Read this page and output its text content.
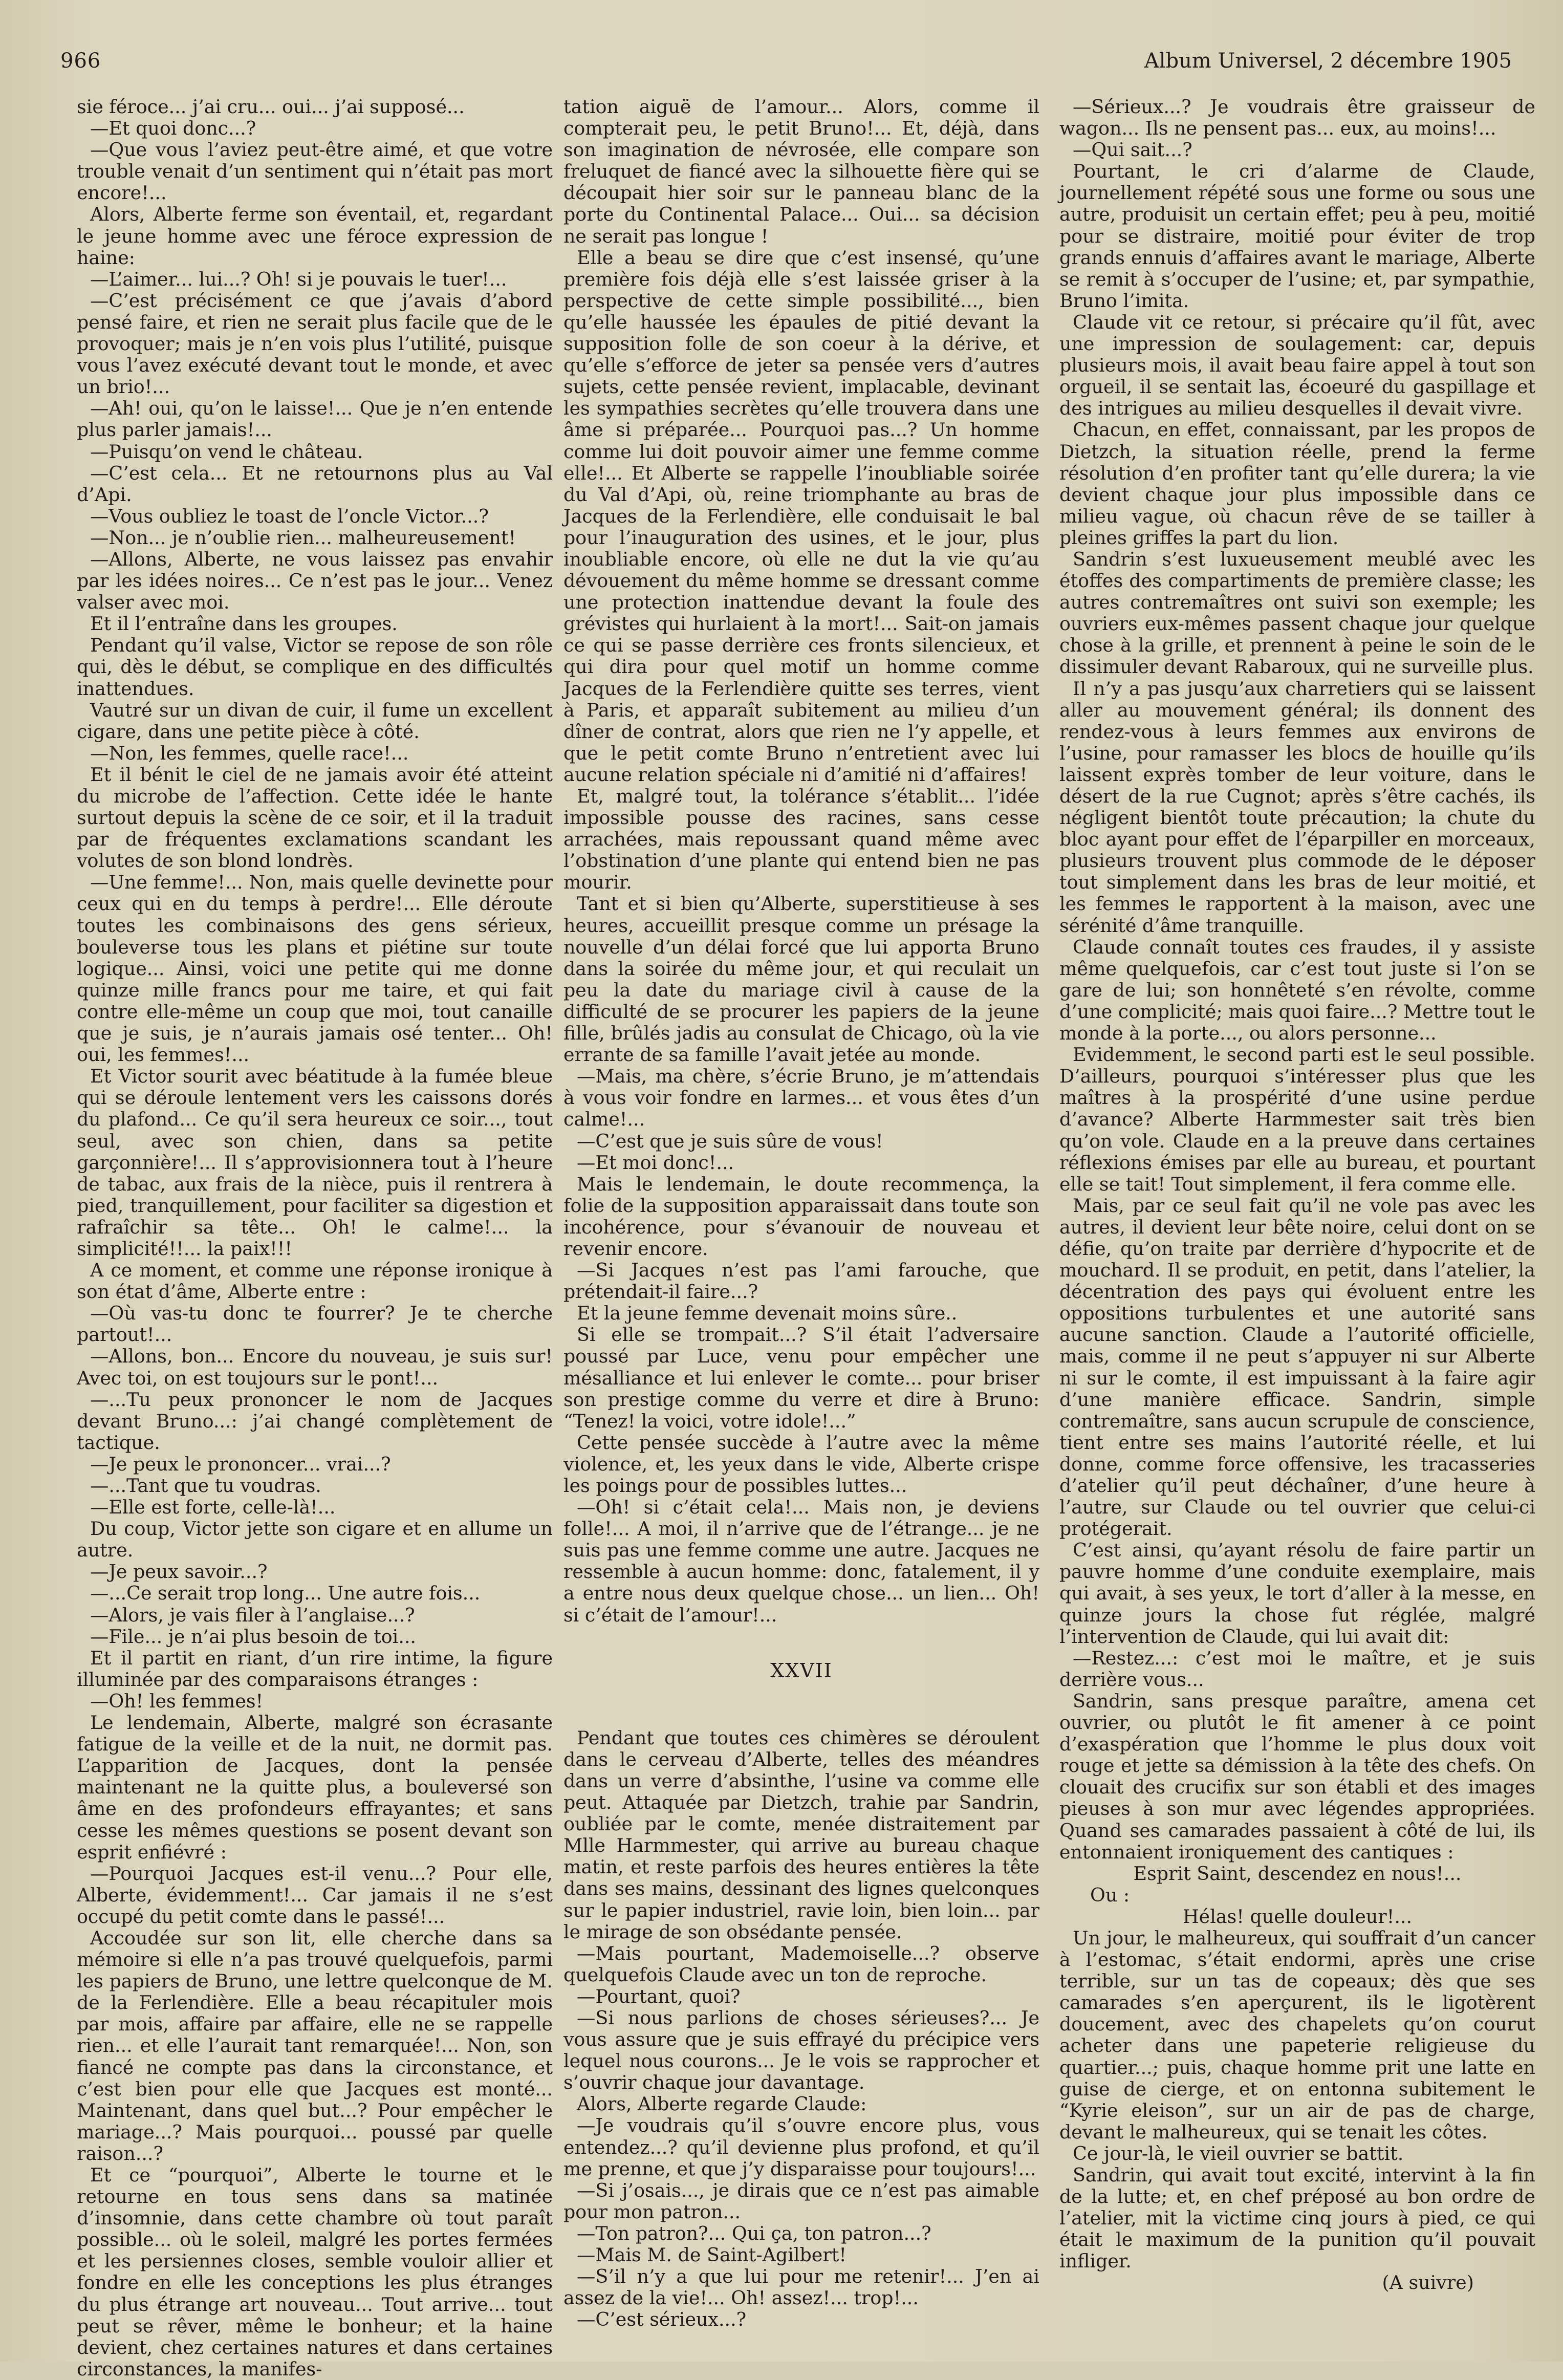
966	Album Universel, 2 décembre 1905

sie féroce... j’ai cru... oui... j’ai supposé...

—Et quoi donc...?

—Que vous l’aviez peut-être aimé, et que votre trouble venait d’un sentiment qui n’était pas mort encore!...

Alors, Alberte ferme son éventail, et, regardant le jeune homme avec une féroce expression de haine:

—L’aimer... lui...? Oh! si je pouvais le tuer!...

—C’est précisément ce que j’avais d’abord pensé faire, et rien ne serait plus facile que de le provoquer; mais je n’en vois plus l’utilité, puisque vous l’avez exécuté devant tout le monde, et avec un brio!...

—Ah! oui, qu’on le laisse!... Que je n’en entende plus parler jamais!...

—Puisqu’on vend le château.

—C’est cela... Et ne retournons plus au Val d’Api.

—Vous oubliez le toast de l’oncle Victor...?

—Non... je n’oublie rien... malheureusement!

—Allons, Alberte, ne vous laissez pas envahir par les idées noires... Ce n’est pas le jour... Venez valser avec moi.

Et il l’entraîne dans les groupes.

Pendant qu’il valse, Victor se repose de son rôle qui, dès le début, se complique en des difficultés inattendues.

Vautré sur un divan de cuir, il fume un excellent cigare, dans une petite pièce à côté.

—Non, les femmes, quelle race!...

Et il bénit le ciel de ne jamais avoir été atteint du microbe de l’affection. Cette idée le hante surtout depuis la scène de ce soir, et il la traduit par de fréquentes exclamations scandant les volutes de son blond londrès.

—Une femme!... Non, mais quelle devinette pour ceux qui en du temps à perdre!... Elle déroute toutes les combinaisons des gens sérieux, bouleverse tous les plans et piétine sur toute logique... Ainsi, voici une petite qui me donne quinze mille francs pour me taire, et qui fait contre elle-même un coup que moi, tout canaille que je suis, je n’aurais jamais osé tenter... Oh! oui, les femmes!...

Et Victor sourit avec béatitude à la fumée bleue qui se déroule lentement vers les caissons dorés du plafond... Ce qu’il sera heureux ce soir..., tout seul, avec son chien, dans sa petite garçonnière!... Il s’approvisionnera tout à l’heure de tabac, aux frais de la nièce, puis il rentrera à pied, tranquillement, pour faciliter sa digestion et rafraîchir sa tête... Oh! le calme!... la simplicité!!... la paix!!!

A ce moment, et comme une réponse ironique à son état d’âme, Alberte entre :

—Où vas-tu donc te fourrer? Je te cherche partout!...

—Allons, bon... Encore du nouveau, je suis sur! Avec toi, on est toujours sur le pont!...

—...Tu peux prononcer le nom de Jacques devant Bruno...: j’ai changé complètement de tactique.

—Je peux le prononcer... vrai...?

—...Tant que tu voudras.

—Elle est forte, celle-là!...

Du coup, Victor jette son cigare et en allume un autre.

—Je peux savoir...?

—...Ce serait trop long... Une autre fois...

—Alors, je vais filer à l’anglaise...?

—File... je n’ai plus besoin de toi...

Et il partit en riant, d’un rire intime, la figure illuminée par des comparaisons étranges :

—Oh! les femmes!

Le lendemain, Alberte, malgré son écrasante fatigue de la veille et de la nuit, ne dormit pas. L’apparition de Jacques, dont la pensée maintenant ne la quitte plus, a bouleversé son âme en des profondeurs effrayantes; et sans cesse les mêmes questions se posent devant son esprit enfiévré :

—Pourquoi Jacques est-il venu...? Pour elle, Alberte, évidemment!... Car jamais il ne s’est occupé du petit comte dans le passé!...

Accoudée sur son lit, elle cherche dans sa mémoire si elle n’a pas trouvé quelquefois, parmi les papiers de Bruno, une lettre quelconque de M. de la Ferlendière. Elle a beau récapituler mois par mois, affaire par affaire, elle ne se rappelle rien... et elle l’aurait tant remarquée!... Non, son fiancé ne compte pas dans la circonstance, et c’est bien pour elle que Jacques est monté... Maintenant, dans quel but...? Pour empêcher le mariage...? Mais pourquoi... poussé par quelle raison...?

Et ce “pourquoi”, Alberte le tourne et le retourne en tous sens dans sa matinée d’insomnie, dans cette chambre où tout paraît possible... où le soleil, malgré les portes fermées et les persiennes closes, semble vouloir allier et fondre en elle les conceptions les plus étranges du plus étrange art nouveau... Tout arrive... tout peut se rêver, même le bonheur; et la haine devient, chez certaines natures et dans certaines circonstances, la manifes-

tation aiguë de l’amour... Alors, comme il compterait peu, le petit Bruno!... Et, déjà, dans son imagination de névrosée, elle compare son freluquet de fiancé avec la silhouette fière qui se découpait hier soir sur le panneau blanc de la porte du Continental Palace... Oui... sa décision ne serait pas longue !

Elle a beau se dire que c’est insensé, qu’une première fois déjà elle s’est laissée griser à la perspective de cette simple possibilité..., bien qu’elle haussée les épaules de pitié devant la supposition folle de son coeur à la dérive, et qu’elle s’efforce de jeter sa pensée vers d’autres sujets, cette pensée revient, implacable, devinant les sympathies secrètes qu’elle trouvera dans une âme si préparée... Pourquoi pas...? Un homme comme lui doit pouvoir aimer une femme comme elle!... Et Alberte se rappelle l’inoubliable soirée du Val d’Api, où, reine triomphante au bras de Jacques de la Ferlendière, elle conduisait le bal pour l’inauguration des usines, et le jour, plus inoubliable encore, où elle ne dut la vie qu’au dévouement du même homme se dressant comme une protection inattendue devant la foule des grévistes qui hurlaient à la mort!... Sait-on jamais ce qui se passe derrière ces fronts silencieux, et qui dira pour quel motif un homme comme Jacques de la Ferlendière quitte ses terres, vient à Paris, et apparaît subitement au milieu d’un dîner de contrat, alors que rien ne l’y appelle, et que le petit comte Bruno n’entretient avec lui aucune relation spéciale ni d’amitié ni d’affaires!

Et, malgré tout, la tolérance s’établit... l’idée impossible pousse des racines, sans cesse arrachées, mais repoussant quand même avec l’obstination d’une plante qui entend bien ne pas mourir.

Tant et si bien qu’Alberte, superstitieuse à ses heures, accueillit presque comme un présage la nouvelle d’un délai forcé que lui apporta Bruno dans la soirée du même jour, et qui reculait un peu la date du mariage civil à cause de la difficulté de se procurer les papiers de la jeune fille, brûlés jadis au consulat de Chicago, où la vie errante de sa famille l’avait jetée au monde.

—Mais, ma chère, s’écrie Bruno, je m’attendais à vous voir fondre en larmes... et vous êtes d’un calme!...

—C’est que je suis sûre de vous!

—Et moi donc!...

Mais le lendemain, le doute recommença, la folie de la supposition apparaissait dans toute son incohérence, pour s’évanouir de nouveau et revenir encore.

—Si Jacques n’est pas l’ami farouche, que prétendait-il faire...?

Et la jeune femme devenait moins sûre..

Si elle se trompait...? S’il était l’adversaire poussé par Luce, venu pour empêcher une mésalliance et lui enlever le comte... pour briser son prestige comme du verre et dire à Bruno: “Tenez! la voici, votre idole!...”

Cette pensée succède à l’autre avec la même violence, et, les yeux dans le vide, Alberte crispe les poings pour de possibles luttes...

—Oh! si c’était cela!... Mais non, je deviens folle!... A moi, il n’arrive que de l’étrange... je ne suis pas une femme comme une autre. Jacques ne ressemble à aucun homme: donc, fatalement, il y a entre nous deux quelque chose... un lien... Oh! si c’était de l’amour!...

XXVII

Pendant que toutes ces chimères se déroulent dans le cerveau d’Alberte, telles des méandres dans un verre d’absinthe, l’usine va comme elle peut. Attaquée par Dietzch, trahie par Sandrin, oubliée par le comte, menée distraitement par Mlle Harmmester, qui arrive au bureau chaque matin, et reste parfois des heures entières la tête dans ses mains, dessinant des lignes quelconques sur le papier industriel, ravie loin, bien loin... par le mirage de son obsédante pensée.

—Mais pourtant, Mademoiselle...? observe quelquefois Claude avec un ton de reproche.

—Pourtant, quoi?

—Si nous parlions de choses sérieuses?... Je vous assure que je suis effrayé du précipice vers lequel nous courons... Je le vois se rapprocher et s’ouvrir chaque jour davantage.

Alors, Alberte regarde Claude:

—Je voudrais qu’il s’ouvre encore plus, vous entendez...? qu’il devienne plus profond, et qu’il me prenne, et que j’y disparaisse pour toujours!...

—Si j’osais..., je dirais que ce n’est pas aimable pour mon patron...

—Ton patron?... Qui ça, ton patron...?

—Mais M. de Saint-Agilbert!

—S’il n’y a que lui pour me retenir!... J’en ai assez de la vie!... Oh! assez!... trop!...

—C’est sérieux...?

—Sérieux...? Je voudrais être graisseur de wagon... Ils ne pensent pas... eux, au moins!...

—Qui sait...?

Pourtant, le cri d’alarme de Claude, journellement répété sous une forme ou sous une autre, produisit un certain effet; peu à peu, moitié pour se distraire, moitié pour éviter de trop grands ennuis d’affaires avant le mariage, Alberte se remit à s’occuper de l’usine; et, par sympathie, Bruno l’imita.

Claude vit ce retour, si précaire qu’il fût, avec une impression de soulagement: car, depuis plusieurs mois, il avait beau faire appel à tout son orgueil, il se sentait las, écoeuré du gaspillage et des intrigues au milieu desquelles il devait vivre.

Chacun, en effet, connaissant, par les propos de Dietzch, la situation réelle, prend la ferme résolution d’en profiter tant qu’elle durera; la vie devient chaque jour plus impossible dans ce milieu vague, où chacun rêve de se tailler à pleines griffes la part du lion.

Sandrin s’est luxueusement meublé avec les étoffes des compartiments de première classe; les autres contremaîtres ont suivi son exemple; les ouvriers eux-mêmes passent chaque jour quelque chose à la grille, et prennent à peine le soin de le dissimuler devant Rabaroux, qui ne surveille plus.

Il n’y a pas jusqu’aux charretiers qui se laissent aller au mouvement général; ils donnent des rendez-vous à leurs femmes aux environs de l’usine, pour ramasser les blocs de houille qu’ils laissent exprès tomber de leur voiture, dans le désert de la rue Cugnot; après s’être cachés, ils négligent bientôt toute précaution; la chute du bloc ayant pour effet de l’éparpiller en morceaux, plusieurs trouvent plus commode de le déposer tout simplement dans les bras de leur moitié, et les femmes le rapportent à la maison, avec une sérénité d’âme tranquille.

Claude connaît toutes ces fraudes, il y assiste même quelquefois, car c’est tout juste si l’on se gare de lui; son honnêteté s’en révolte, comme d’une complicité; mais quoi faire...? Mettre tout le monde à la porte..., ou alors personne...

Evidemment, le second parti est le seul possible. D’ailleurs, pourquoi s’intéresser plus que les maîtres à la prospérité d’une usine perdue d’avance? Alberte Harmmester sait très bien qu’on vole. Claude en a la preuve dans certaines réflexions émises par elle au bureau, et pourtant elle se tait! Tout simplement, il fera comme elle.

Mais, par ce seul fait qu’il ne vole pas avec les autres, il devient leur bête noire, celui dont on se défie, qu’on traite par derrière d’hypocrite et de mouchard. Il se produit, en petit, dans l’atelier, la décentration des pays qui évoluent entre les oppositions turbulentes et une autorité sans aucune sanction. Claude a l’autorité officielle, mais, comme il ne peut s’appuyer ni sur Alberte ni sur le comte, il est impuissant à la faire agir d’une manière efficace. Sandrin, simple contremaître, sans aucun scrupule de conscience, tient entre ses mains l’autorité réelle, et lui donne, comme force offensive, les tracasseries d’atelier qu’il peut déchaîner, d’une heure à l’autre, sur Claude ou tel ouvrier que celui-ci protégerait.

C’est ainsi, qu’ayant résolu de faire partir un pauvre homme d’une conduite exemplaire, mais qui avait, à ses yeux, le tort d’aller à la messe, en quinze jours la chose fut réglée, malgré l’intervention de Claude, qui lui avait dit:

—Restez...: c’est moi le maître, et je suis derrière vous...

Sandrin, sans presque paraître, amena cet ouvrier, ou plutôt le fit amener à ce point d’exaspération que l’homme le plus doux voit rouge et jette sa démission à la tête des chefs. On clouait des crucifix sur son établi et des images pieuses à son mur avec légendes appropriées. Quand ses camarades passaient à côté de lui, ils entonnaient ironiquement des cantiques :

Esprit Saint, descendez en nous!...

Ou :

Hélas! quelle douleur!...

Un jour, le malheureux, qui souffrait d’un cancer à l’estomac, s’était endormi, après une crise terrible, sur un tas de copeaux; dès que ses camarades s’en aperçurent, ils le ligotèrent doucement, avec des chapelets qu’on courut acheter dans une papeterie religieuse du quartier...; puis, chaque homme prit une latte en guise de cierge, et on entonna subitement le “Kyrie eleison”, sur un air de pas de charge, devant le malheureux, qui se tenait les côtes.

Ce jour-là, le vieil ouvrier se battit.

Sandrin, qui avait tout excité, intervint à la fin de la lutte; et, en chef préposé au bon ordre de l’atelier, mit la victime cinq jours à pied, ce qui était le maximum de la punition qu’il pouvait infliger.

(A suivre)
